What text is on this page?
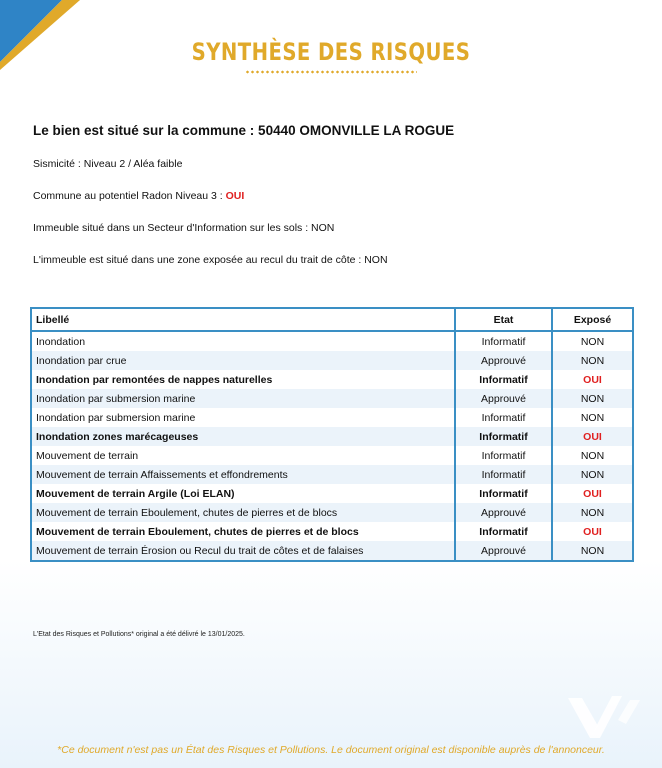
SYNTHÈSE DES RISQUES
Le bien est situé sur la commune : 50440 OMONVILLE LA ROGUE
Sismicité : Niveau 2 / Aléa faible
Commune au potentiel Radon Niveau 3 : OUI
Immeuble situé dans un Secteur d'Information sur les sols : NON
L'immeuble est situé dans une zone exposée au recul du trait de côte : NON
Libellé	Etat	Exposé
Inondation	Informatif	NON
Inondation par crue	Approuvé	NON
Inondation par remontées de nappes naturelles	Informatif	OUI
Inondation par submersion marine	Approuvé	NON
Inondation par submersion marine	Informatif	NON
Inondation zones marécageuses	Informatif	OUI
Mouvement de terrain	Informatif	NON
Mouvement de terrain Affaissements et effondrements	Informatif	NON
Mouvement de terrain Argile (Loi ELAN)	Informatif	OUI
Mouvement de terrain Eboulement, chutes de pierres et de blocs	Approuvé	NON
Mouvement de terrain Eboulement, chutes de pierres et de blocs	Informatif	OUI
Mouvement de terrain Érosion ou Recul du trait de côtes et de falaises	Approuvé	NON
L'Etat des Risques et Pollutions* original a été délivré le 13/01/2025.
*Ce document n'est pas un État des Risques et Pollutions. Le document original est disponible auprès de l'annonceur.
